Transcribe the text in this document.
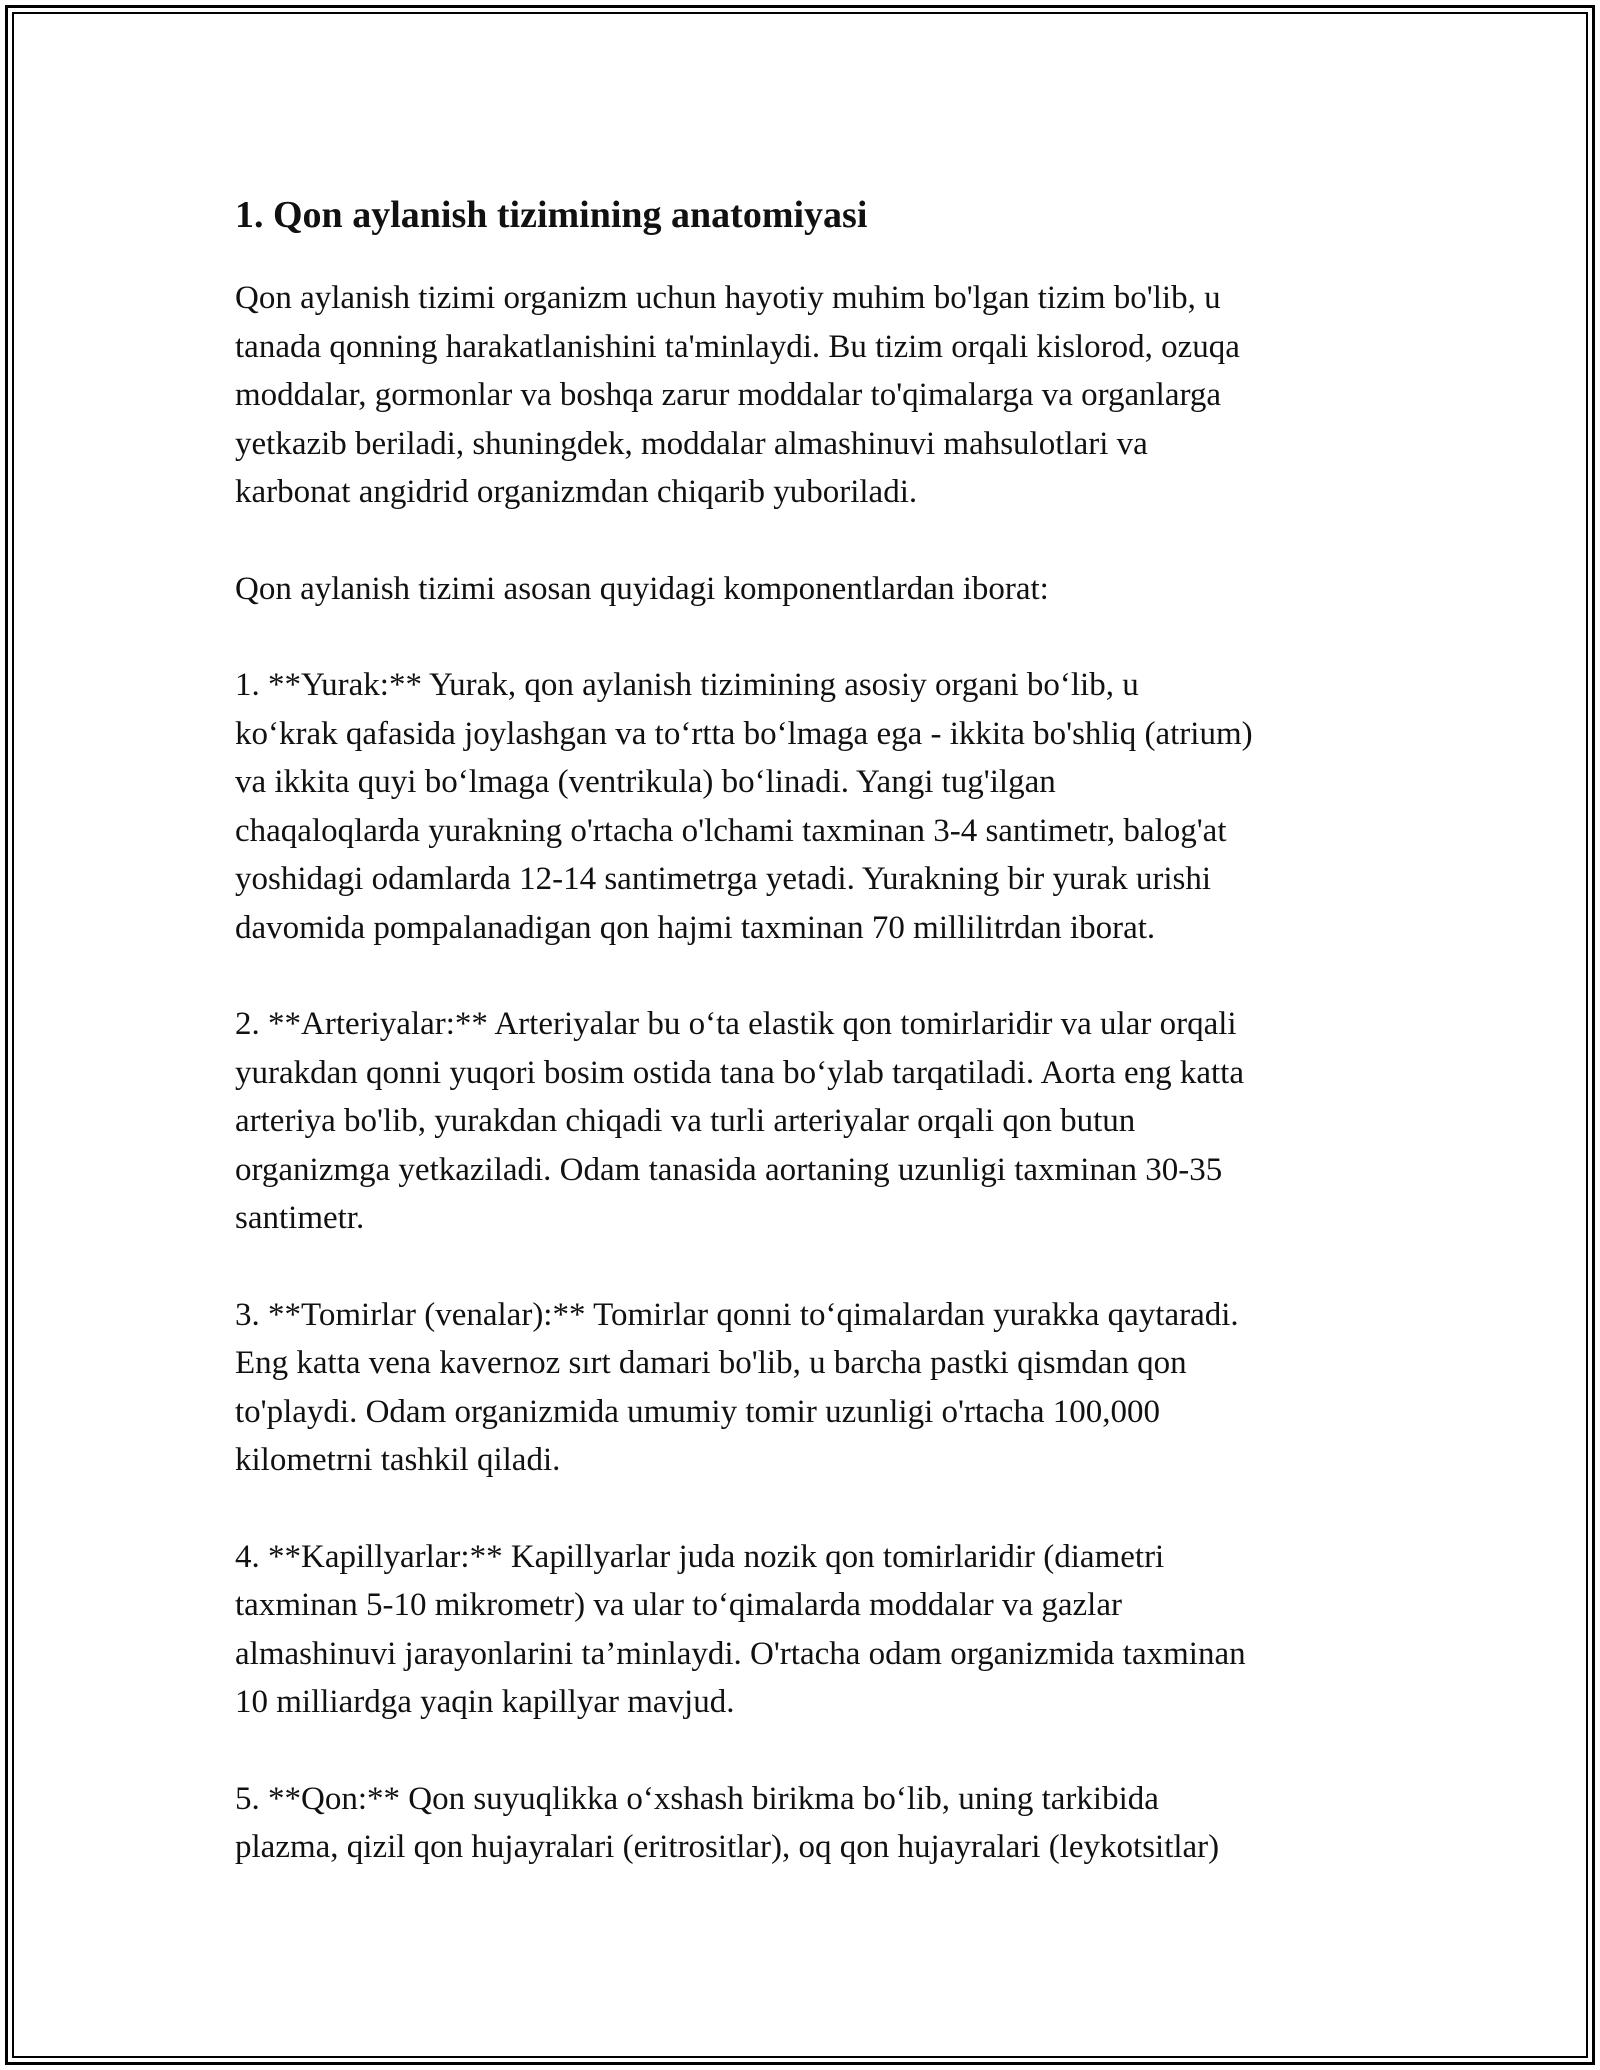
1. Qon aylanish tizimining anatomiyasi

Qon aylanish tizimi organizm uchun hayotiy muhim bo'lgan tizim bo'lib, u
tanada qonning harakatlanishini ta'minlaydi. Bu tizim orqali kislorod, ozuqa
moddalar, gormonlar va boshqa zarur moddalar to'qimalarga va organlarga
yetkazib beriladi, shuningdek, moddalar almashinuvi mahsulotlari va
karbonat angidrid organizmdan chiqarib yuboriladi.

Qon aylanish tizimi asosan quyidagi komponentlardan iborat:

1. **Yurak:** Yurak, qon aylanish tizimining asosiy organi bo‘lib, u
ko‘krak qafasida joylashgan va to‘rtta bo‘lmaga ega - ikkita bo'shliq (atrium)
va ikkita quyi bo‘lmaga (ventrikula) bo‘linadi. Yangi tug'ilgan
chaqaloqlarda yurakning o'rtacha o'lchami taxminan 3-4 santimetr, balog'at
yoshidagi odamlarda 12-14 santimetrga yetadi. Yurakning bir yurak urishi
davomida pompalanadigan qon hajmi taxminan 70 millilitrdan iborat.

2. **Arteriyalar:** Arteriyalar bu o‘ta elastik qon tomirlaridir va ular orqali
yurakdan qonni yuqori bosim ostida tana bo‘ylab tarqatiladi. Aorta eng katta
arteriya bo'lib, yurakdan chiqadi va turli arteriyalar orqali qon butun
organizmga yetkaziladi. Odam tanasida aortaning uzunligi taxminan 30-35
santimetr.

3. **Tomirlar (venalar):** Tomirlar qonni to‘qimalardan yurakka qaytaradi.
Eng katta vena kavernoz sırt damari bo'lib, u barcha pastki qismdan qon
to'playdi. Odam organizmida umumiy tomir uzunligi o'rtacha 100,000
kilometrni tashkil qiladi.

4. **Kapillyarlar:** Kapillyarlar juda nozik qon tomirlaridir (diametri
taxminan 5-10 mikrometr) va ular to‘qimalarda moddalar va gazlar
almashinuvi jarayonlarini ta’minlaydi. O'rtacha odam organizmida taxminan
10 milliardga yaqin kapillyar mavjud.

5. **Qon:** Qon suyuqlikka o‘xshash birikma bo‘lib, uning tarkibida
plazma, qizil qon hujayralari (eritrositlar), oq qon hujayralari (leykotsitlar)
